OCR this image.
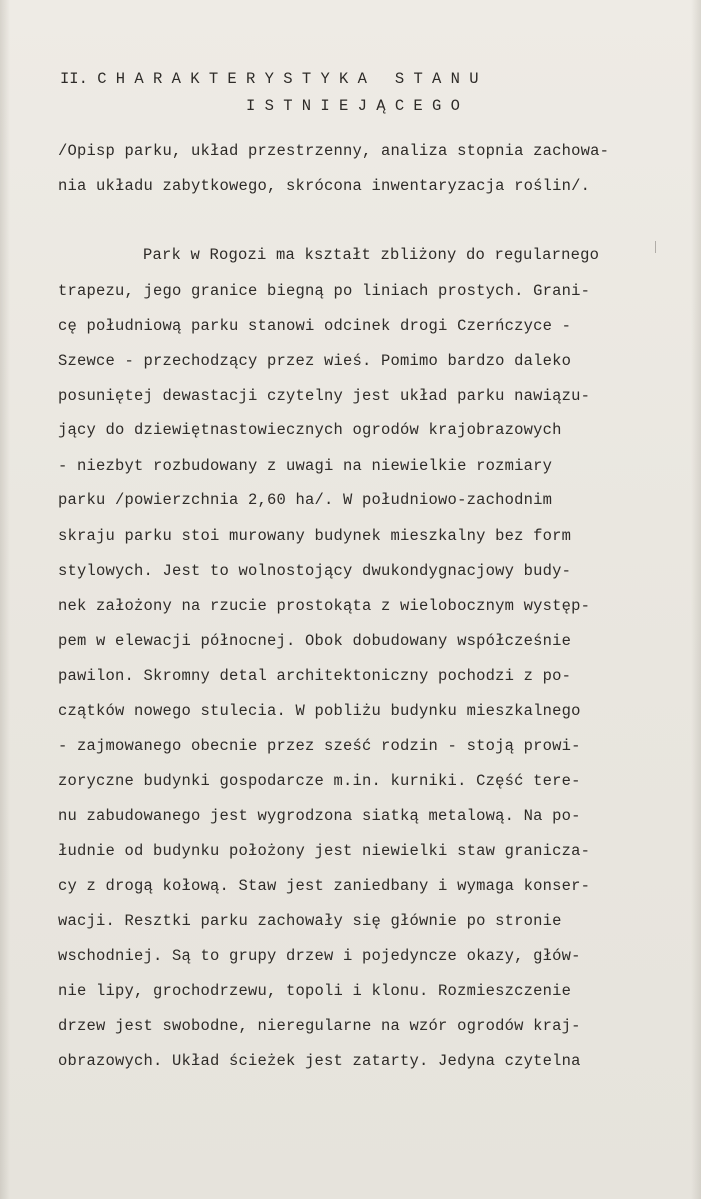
II. C H A R A K T E R Y S T Y K A   S T A N U
I S T N I E J Ą C E G O
/Opisp parku, układ przestrzenny, analiza stopnia zachowa-
nia układu zabytkowego, skrócona inwentaryzacja roślin/.
Park w Rogozi ma kształt zbliżony do regularnego
trapezu, jego granice biegną po liniach prostych. Grani-
cę południową parku stanowi odcinek drogi Czerńczyce -
Szewce - przechodzący przez wieś. Pomimo bardzo daleko
posuniętej dewastacji czytelny jest układ parku nawiązu-
jący do dziewiętnastowiecznych ogrodów krajobrazowych
- niezbyt rozbudowany z uwagi na niewielkie rozmiary
parku /powierzchnia 2,60 ha/. W południowo-zachodnim
skraju parku stoi murowany budynek mieszkalny bez form
stylowych. Jest to wolnostojący dwukondygnacjowy budy-
nek założony na rzucie prostokąta z wielobocznym występ-
pem w elewacji północnej. Obok dobudowany współcześnie
pawilon. Skromny detal architektoniczny pochodzi z po-
czątków nowego stulecia. W pobliżu budynku mieszkalnego
- zajmowanego obecnie przez sześć rodzin - stoją prowi-
zoryczne budynki gospodarcze m.in. kurniki. Część tere-
nu zabudowanego jest wygrodzona siatką metalową. Na po-
łudnie od budynku położony jest niewielki staw granicza-
cy z drogą kołową. Staw jest zaniedbany i wymaga konser-
wacji. Resztki parku zachowały się głównie po stronie
wschodniej. Są to grupy drzew i pojedyncze okazy, głów-
nie lipy, grochodrzewu, topoli i klonu. Rozmieszczenie
drzew jest swobodne, nieregularne na wzór ogrodów kraj-
obrazowych. Układ ścieżek jest zatarty. Jedyna czytelna
